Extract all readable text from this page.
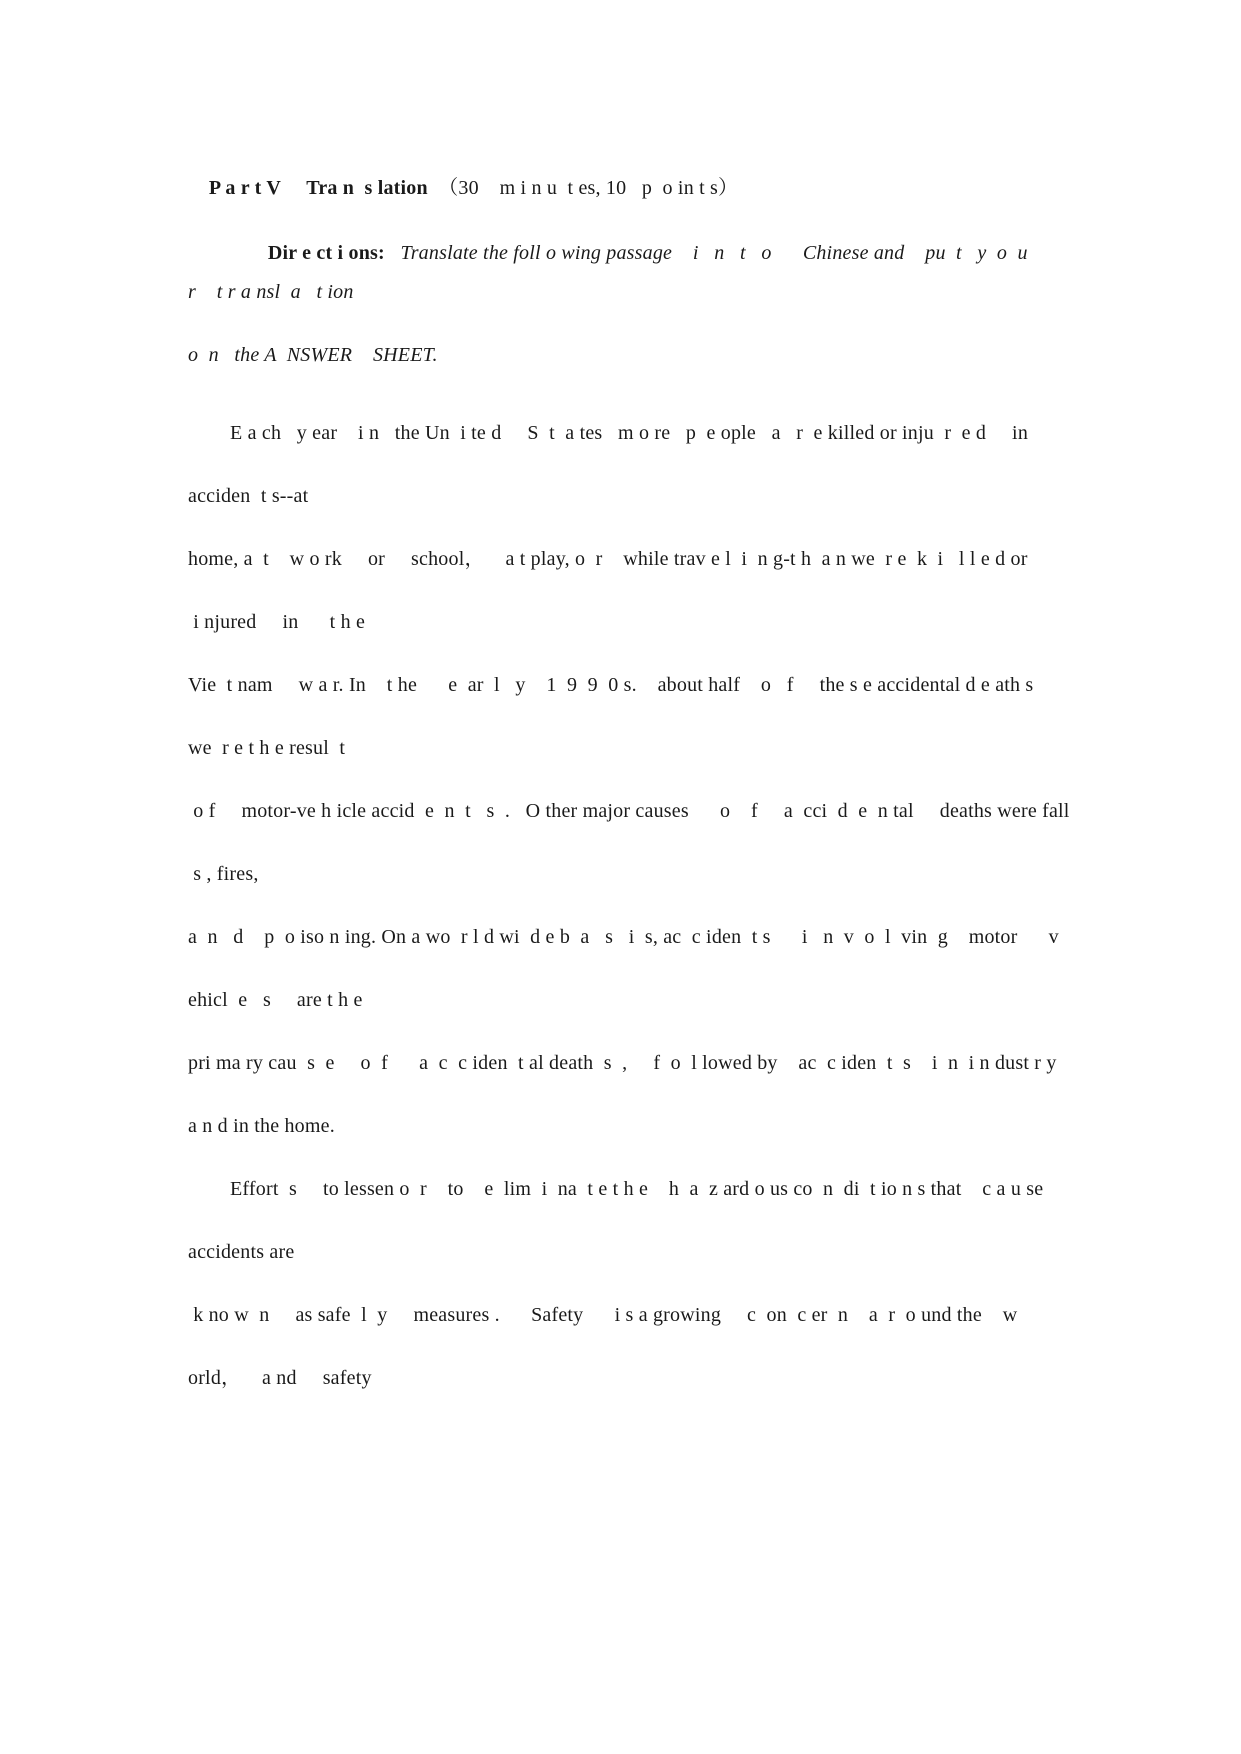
P a r t V     Tra n  s lation （30    m i n u  t es, 10   p  o in t s）

Dir e ct i ons: Translate the foll o wing passage    i   n   t   o      Chinese and    pu  t   y  o  u

r    t r a nsl  a   t ion
o  n   the A  NSWER    SHEET.
E a ch   y ear    i n   the Un  i te d     S  t  a tes   m o re   p  e ople   a   r  e killed or inju  r  e d     in
acciden  t s--at
home, a  t    w o rk     or     school，    a t play, o  r    while trav e l  i  n g-t h  a n we  r e  k  i   l l e d or
i njured     in      t h e
Vie  t nam     w a r. In    t he      e  ar  l   y    1  9  9  0 s.    about half    o   f     the s e accidental d e ath s
we  r e t h e resul  t
o f     motor-ve h icle accid  e  n  t   s  .   O ther major causes      o    f     a  cci  d  e  n tal     deaths were fall
s , fires,
a  n   d    p  o iso n ing. On a wo  r l d wi  d e b  a   s   i  s, ac  c iden  t s      i   n  v  o  l  vin  g    motor      v
ehicl  e   s     are t h e
pri ma ry cau  s  e     o  f      a  c  c iden  t al death  s  ,     f  o  l lowed by    ac  c iden  t  s    i  n  i n dust r y
a n d in the home.
Effort  s     to lessen o  r    to    e  lim  i  na  t e t h e    h  a  z ard o us co  n  di  t io n s that    c a u se
accidents are
k no w  n     as safe  l  y     measures .      Safety      i s a growing     c  on  c er  n    a  r  o und the    w
orld，    a nd     safety
